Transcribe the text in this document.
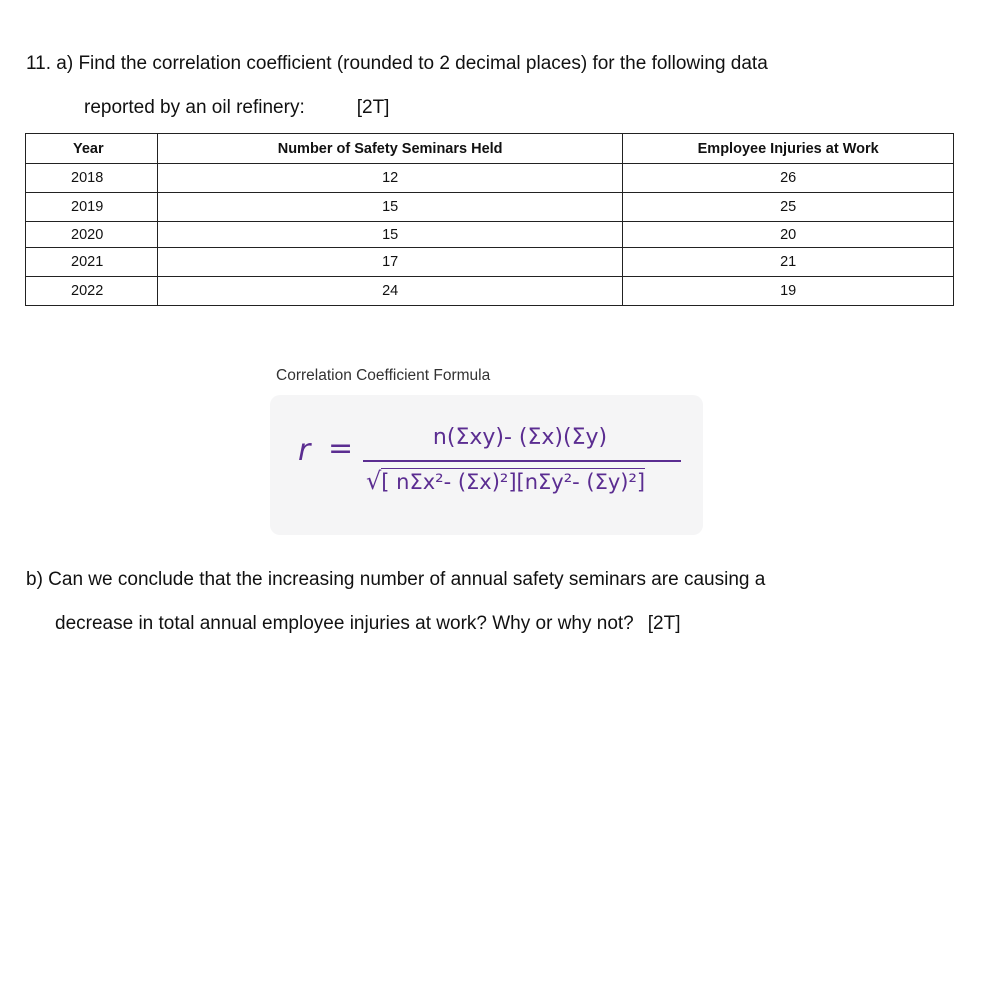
11. a) Find the correlation coefficient (rounded to 2 decimal places) for the following data
reported by an oil refinery:	[2T]
Year	Number of Safety Seminars Held	Employee Injuries at Work
2018	12	26
2019	15	25
2020	15	20
2021	17	21
2022	24	19
Correlation Coefficient Formula
r =	n(Σxy)- (Σx)(Σy)
√[ nΣx²- (Σx)²][nΣy²- (Σy)²]
b) Can we conclude that the increasing number of annual safety seminars are causing a
decrease in total annual employee injuries at work? Why or why not? [2T]
